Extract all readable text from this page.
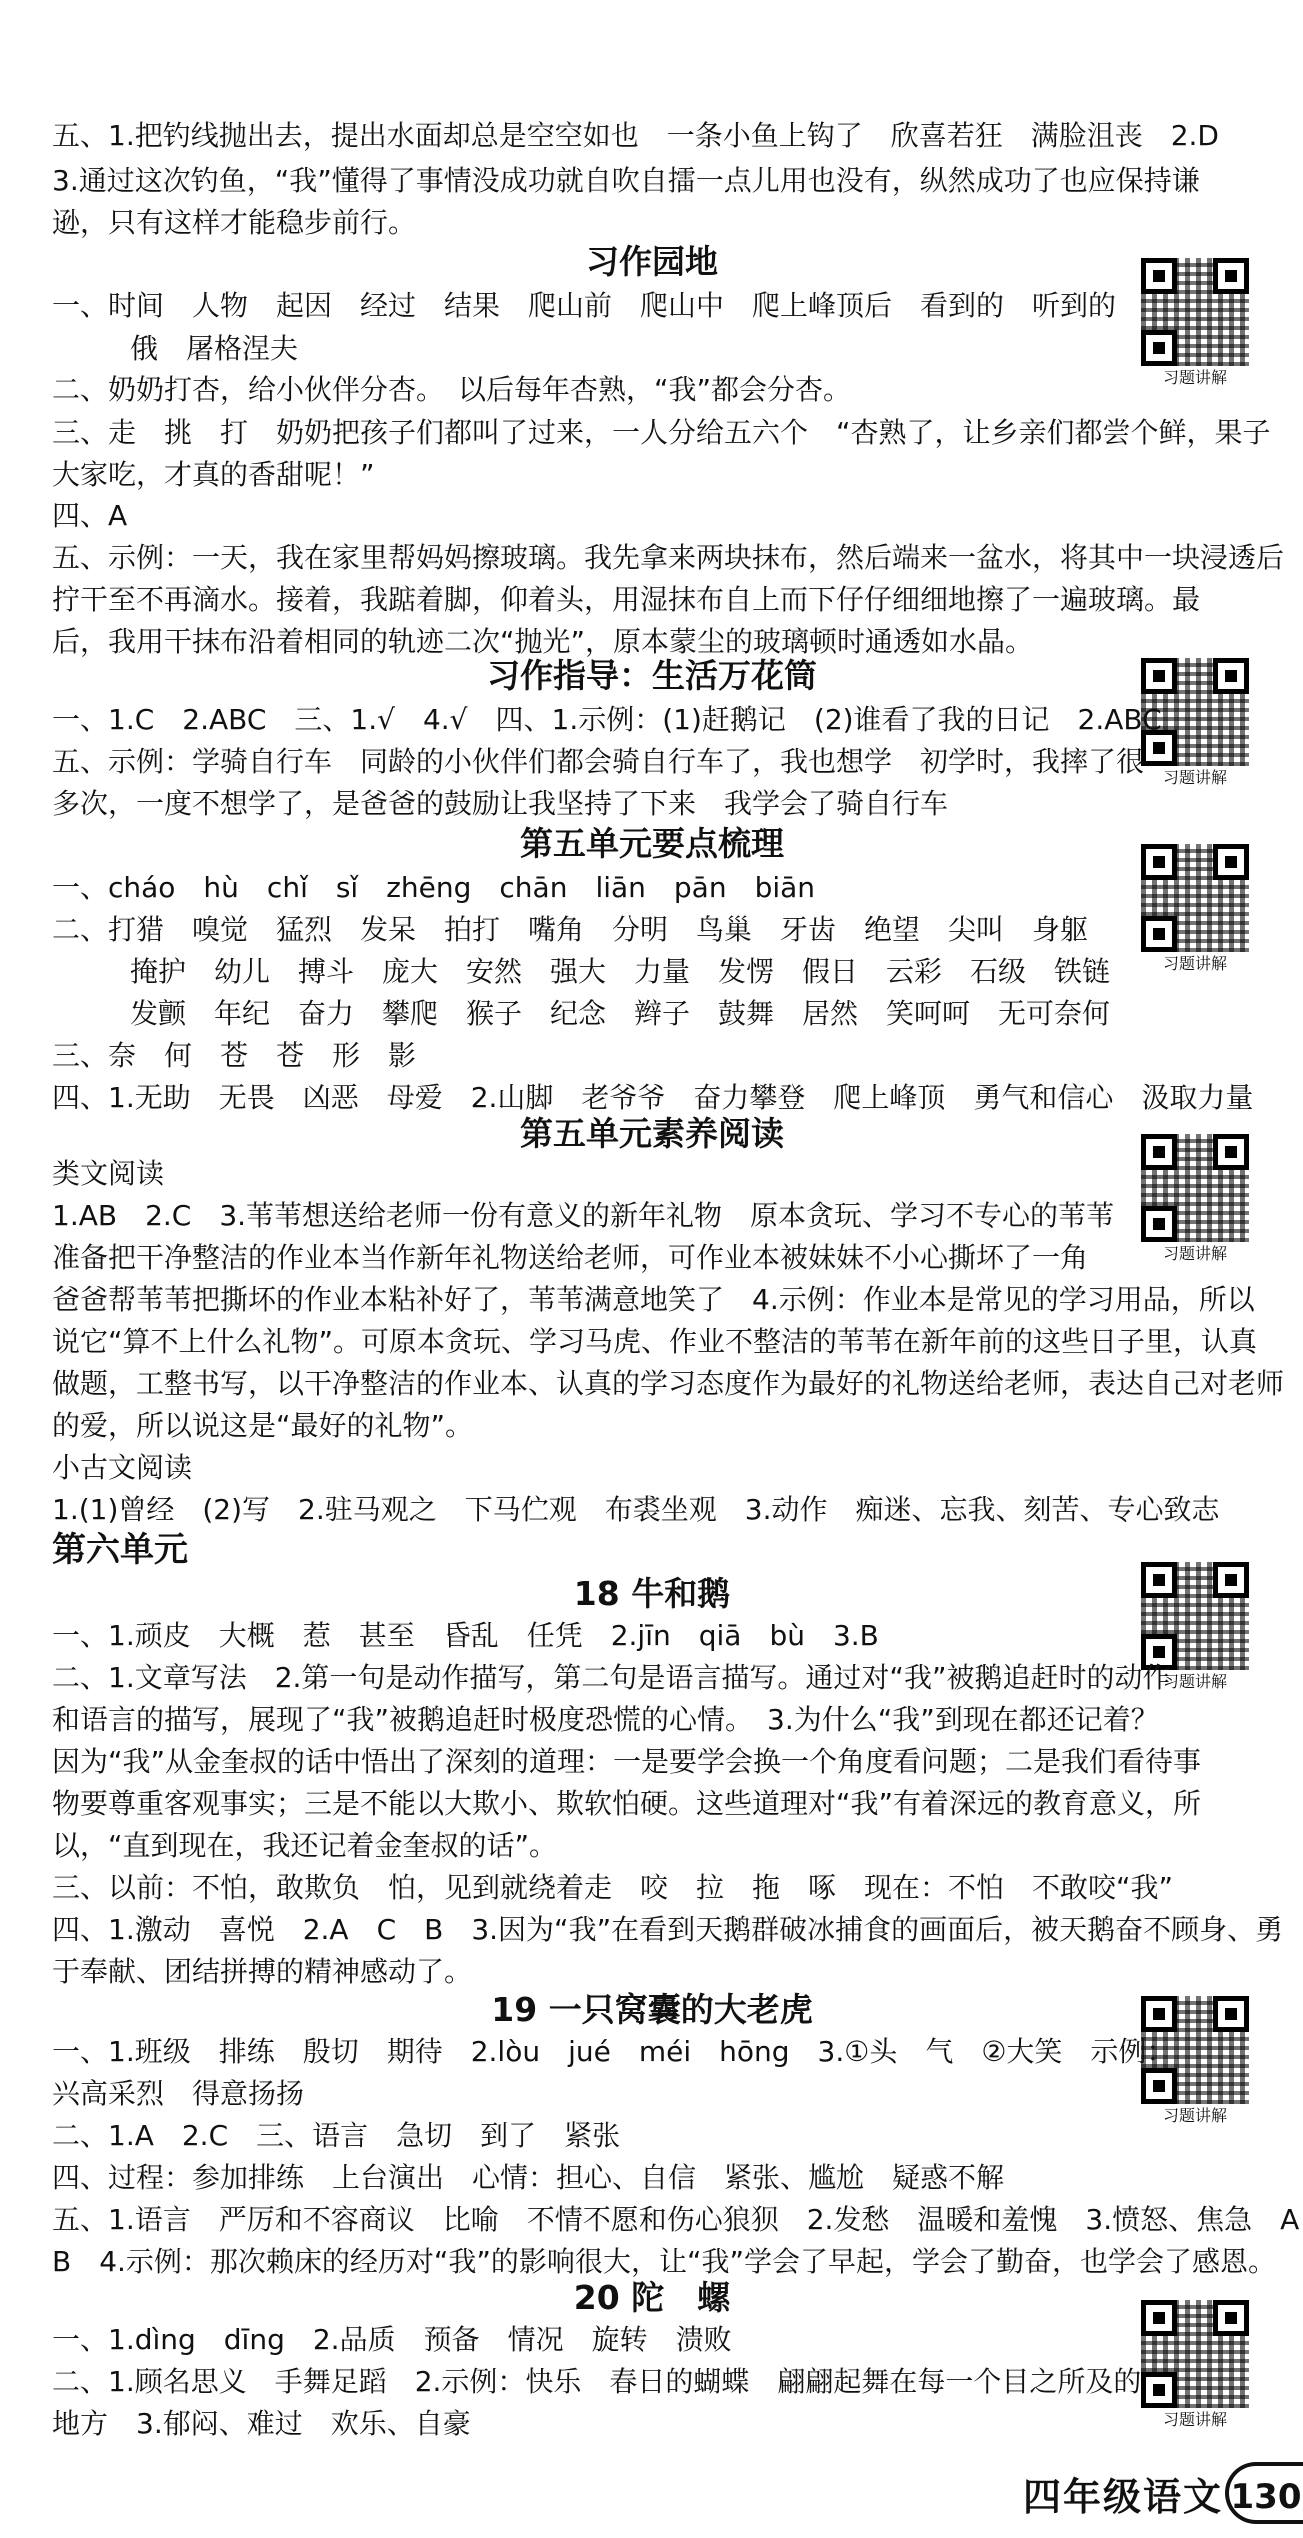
五、1.把钓线抛出去，提出水面却总是空空如也　一条小鱼上钩了　欣喜若狂　满脸沮丧　2.D
3.通过这次钓鱼，“我”懂得了事情没成功就自吹自擂一点儿用也没有，纵然成功了也应保持谦
逊，只有这样才能稳步前行。
习作园地
习题讲解
一、时间　人物　起因　经过　结果　爬山前　爬山中　爬上峰顶后　看到的　听到的
俄　屠格涅夫
二、奶奶打杏，给小伙伴分杏。　以后每年杏熟，“我”都会分杏。
三、走　挑　打　奶奶把孩子们都叫了过来，一人分给五六个　“杏熟了，让乡亲们都尝个鲜，果子
大家吃，才真的香甜呢！”
四、A
五、示例：一天，我在家里帮妈妈擦玻璃。我先拿来两块抹布，然后端来一盆水，将其中一块浸透后
拧干至不再滴水。接着，我踮着脚，仰着头，用湿抹布自上而下仔仔细细地擦了一遍玻璃。最
后，我用干抹布沿着相同的轨迹二次“抛光”，原本蒙尘的玻璃顿时通透如水晶。
习作指导：生活万花筒
习题讲解
一、1.C　2.ABC　三、1.√　4.√　四、1.示例：(1)赶鹅记　(2)谁看了我的日记　2.ABC
五、示例：学骑自行车　同龄的小伙伴们都会骑自行车了，我也想学　初学时，我摔了很
多次，一度不想学了，是爸爸的鼓励让我坚持了下来　我学会了骑自行车
第五单元要点梳理
习题讲解
一、cháo　hù　chǐ　sǐ　zhēng　chān　liān　pān　biān
二、打猎　嗅觉　猛烈　发呆　拍打　嘴角　分明　鸟巢　牙齿　绝望　尖叫　身躯
掩护　幼儿　搏斗　庞大　安然　强大　力量　发愣　假日　云彩　石级　铁链
发颤　年纪　奋力　攀爬　猴子　纪念　辫子　鼓舞　居然　笑呵呵　无可奈何
三、奈　何　苍　苍　形　影
四、1.无助　无畏　凶恶　母爱　2.山脚　老爷爷　奋力攀登　爬上峰顶　勇气和信心　汲取力量
第五单元素养阅读
习题讲解
类文阅读
1.AB　2.C　3.苇苇想送给老师一份有意义的新年礼物　原本贪玩、学习不专心的苇苇
准备把干净整洁的作业本当作新年礼物送给老师，可作业本被妹妹不小心撕坏了一角
爸爸帮苇苇把撕坏的作业本粘补好了，苇苇满意地笑了　4.示例：作业本是常见的学习用品，所以
说它“算不上什么礼物”。可原本贪玩、学习马虎、作业不整洁的苇苇在新年前的这些日子里，认真
做题，工整书写，以干净整洁的作业本、认真的学习态度作为最好的礼物送给老师，表达自己对老师
的爱，所以说这是“最好的礼物”。
小古文阅读
1.(1)曾经　(2)写　2.驻马观之　下马伫观　布裘坐观　3.动作　痴迷、忘我、刻苦、专心致志
第六单元
18 牛和鹅
习题讲解
一、1.顽皮　大概　惹　甚至　昏乱　任凭　2.jīn　qiā　bù　3.B
二、1.文章写法　2.第一句是动作描写，第二句是语言描写。通过对“我”被鹅追赶时的动作
和语言的描写，展现了“我”被鹅追赶时极度恐慌的心情。　3.为什么“我”到现在都还记着？
因为“我”从金奎叔的话中悟出了深刻的道理：一是要学会换一个角度看问题；二是我们看待事
物要尊重客观事实；三是不能以大欺小、欺软怕硬。这些道理对“我”有着深远的教育意义，所
以，“直到现在，我还记着金奎叔的话”。
三、以前：不怕，敢欺负　怕，见到就绕着走　咬　拉　拖　啄　现在：不怕　不敢咬“我”
四、1.激动　喜悦　2.A　C　B　3.因为“我”在看到天鹅群破冰捕食的画面后，被天鹅奋不顾身、勇
于奉献、团结拼搏的精神感动了。
19 一只窝囊的大老虎
习题讲解
一、1.班级　排练　殷切　期待　2.lòu　jué　méi　hōng　3.①头　气　②大笑　示例：
兴高采烈　得意扬扬
二、1.A　2.C　三、语言　急切　到了　紧张
四、过程：参加排练　上台演出　心情：担心、自信　紧张、尴尬　疑惑不解
五、1.语言　严厉和不容商议　比喻　不情不愿和伤心狼狈　2.发愁　温暖和羞愧　3.愤怒、焦急　A
B　4.示例：那次赖床的经历对“我”的影响很大，让“我”学会了早起，学会了勤奋，也学会了感恩。
20 陀　螺
习题讲解
一、1.dìng　dīng　2.品质　预备　情况　旋转　溃败
二、1.顾名思义　手舞足蹈　2.示例：快乐　春日的蝴蝶　翩翩起舞在每一个目之所及的
地方　3.郁闷、难过　欢乐、自豪
四年级语文 130
